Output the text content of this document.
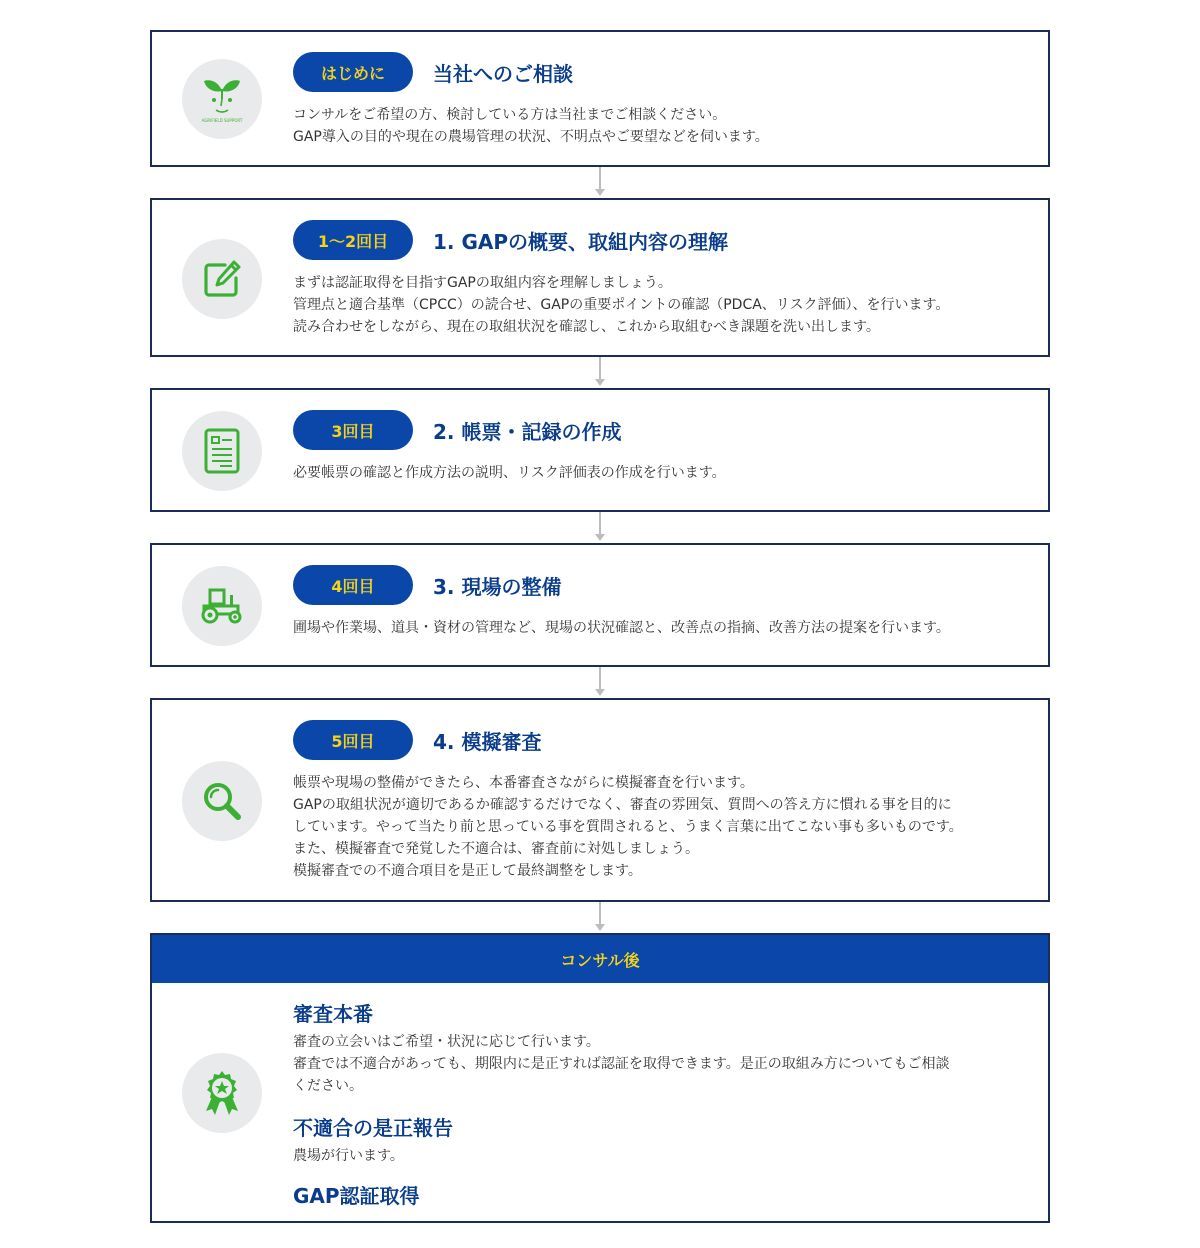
AGRIFIELD SUPPORT
はじめに	当社へのご相談

コンサルをご希望の方、検討している方は当社までご相談ください。

GAP導入の目的や現在の農場管理の状況、不明点やご要望などを伺います。

1〜2回目	1. GAPの概要、取組内容の理解

まずは認証取得を目指すGAPの取組内容を理解しましょう。

管理点と適合基準（CPCC）の読合せ、GAPの重要ポイントの確認（PDCA、リスク評価）、を行います。

読み合わせをしながら、現在の取組状況を確認し、これから取組むべき課題を洗い出します。

3回目	2. 帳票・記録の作成

必要帳票の確認と作成方法の説明、リスク評価表の作成を行います。

4回目	3. 現場の整備

圃場や作業場、道具・資材の管理など、現場の状況確認と、改善点の指摘、改善方法の提案を行います。

5回目	4. 模擬審査

帳票や現場の整備ができたら、本番審査さながらに模擬審査を行います。

GAPの取組状況が適切であるか確認するだけでなく、審査の雰囲気、質問への答え方に慣れる事を目的に

しています。やって当たり前と思っている事を質問されると、うまく言葉に出てこない事も多いものです。

また、模擬審査で発覚した不適合は、審査前に対処しましょう。

模擬審査での不適合項目を是正して最終調整をします。

コンサル後
審査本番

審査の立会いはご希望・状況に応じて行います。

審査では不適合があっても、期限内に是正すれば認証を取得できます。是正の取組み方についてもご相談

ください。

不適合の是正報告

農場が行います。

GAP認証取得
